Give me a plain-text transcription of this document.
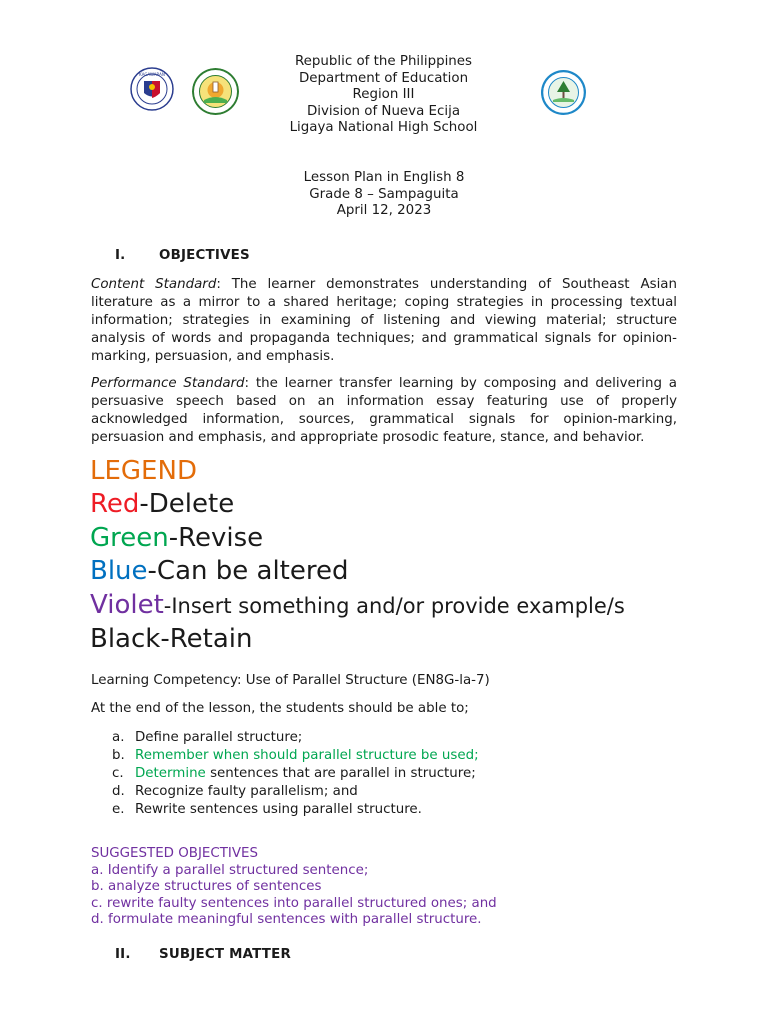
KAGAWARAN
Republic of the Philippines
Department of Education
Region III
Division of Nueva Ecija
Ligaya National High School
Lesson Plan in English 8
Grade 8 – Sampaguita
April 12, 2023
I.	OBJECTIVES
Content Standard: The learner demonstrates understanding of Southeast Asian literature as a mirror to a shared heritage; coping strategies in processing textual information; strategies in examining of listening and viewing material; structure analysis of words and propaganda techniques; and grammatical signals for opinion-marking, persuasion, and emphasis.
Performance Standard: the learner transfer learning by composing and delivering a persuasive speech based on an information essay featuring use of properly acknowledged information, sources, grammatical signals for opinion-marking, persuasion and emphasis, and appropriate prosodic feature, stance, and behavior.
LEGEND
Red-Delete
Green-Revise
Blue-Can be altered
Violet-Insert something and/or provide example/s
Black-Retain
Learning Competency: Use of Parallel Structure (EN8G-la-7)
At the end of the lesson, the students should be able to;
a. Define parallel structure;
b. Remember when should parallel structure be used;
c. Determine sentences that are parallel in structure;
d. Recognize faulty parallelism; and
e. Rewrite sentences using parallel structure.
SUGGESTED OBJECTIVES
a. Identify a parallel structured sentence;
b. analyze structures of sentences
c. rewrite faulty sentences into parallel structured ones; and
d. formulate meaningful sentences with parallel structure.
II. SUBJECT MATTER
